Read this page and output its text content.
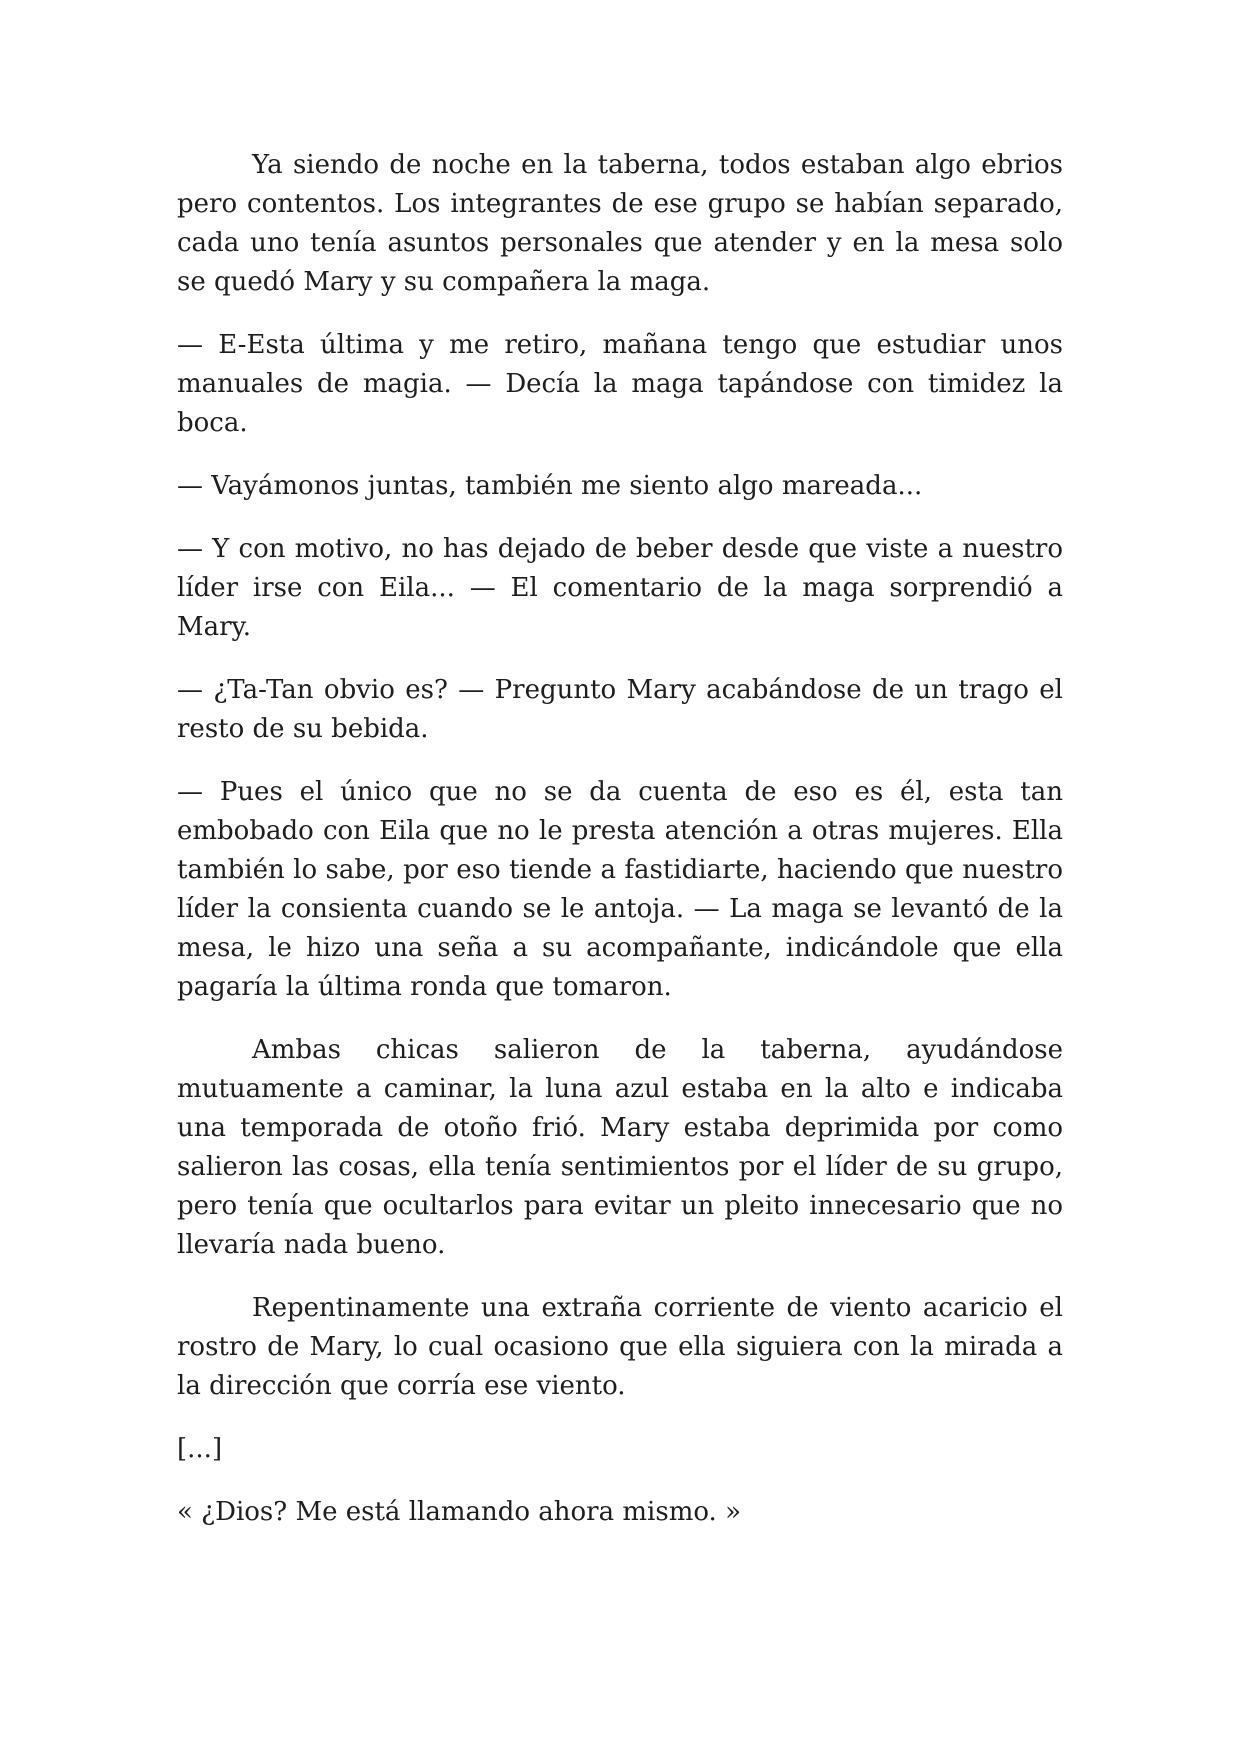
Ya siendo de noche en la taberna, todos estaban algo ebrios pero contentos. Los integrantes de ese grupo se habían separado, cada uno tenía asuntos personales que atender y en la mesa solo se quedó Mary y su compañera la maga.

— E-Esta última y me retiro, mañana tengo que estudiar unos manuales de magia. — Decía la maga tapándose con timidez la boca.

— Vayámonos juntas, también me siento algo mareada...

— Y con motivo, no has dejado de beber desde que viste a nuestro líder irse con Eila... — El comentario de la maga sorprendió a Mary.

— ¿Ta-Tan obvio es? — Pregunto Mary acabándose de un trago el resto de su bebida.

— Pues el único que no se da cuenta de eso es él, esta tan embobado con Eila que no le presta atención a otras mujeres. Ella también lo sabe, por eso tiende a fastidiarte, haciendo que nuestro líder la consienta cuando se le antoja. — La maga se levantó de la mesa, le hizo una seña a su acompañante, indicándole que ella pagaría la última ronda que tomaron.

Ambas chicas salieron de la taberna, ayudándose mutuamente a caminar, la luna azul estaba en la alto e indicaba una temporada de otoño frió. Mary estaba deprimida por como salieron las cosas, ella tenía sentimientos por el líder de su grupo, pero tenía que ocultarlos para evitar un pleito innecesario que no llevaría nada bueno.

Repentinamente una extraña corriente de viento acaricio el rostro de Mary, lo cual ocasiono que ella siguiera con la mirada a la dirección que corría ese viento.

[...]

« ¿Dios? Me está llamando ahora mismo. »
